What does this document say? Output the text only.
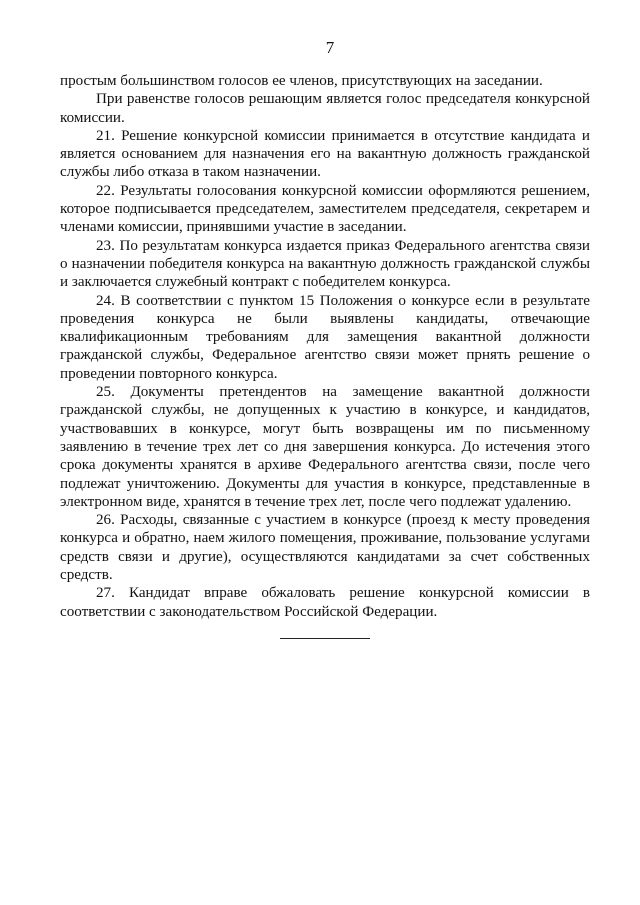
7

простым большинством голосов ее членов, присутствующих на заседании.

При равенстве голосов решающим является голос председателя конкурсной комиссии.

21. Решение конкурсной комиссии принимается в отсутствие кандидата и является основанием для назначения его на вакантную должность гражданской службы либо отказа в таком назначении.

22. Результаты голосования конкурсной комиссии оформляются решением, которое подписывается председателем, заместителем председателя, секретарем и членами комиссии, принявшими участие в заседании.

23. По результатам конкурса издается приказ Федерального агентства связи о назначении победителя конкурса на вакантную должность гражданской службы и заключается служебный контракт с победителем конкурса.

24. В соответствии с пунктом 15 Положения о конкурсе если в результате проведения конкурса не были выявлены кандидаты, отвечающие квалификационным требованиям для замещения вакантной должности гражданской службы, Федеральное агентство связи может прнять решение о проведении повторного конкурса.

25. Документы претендентов на замещение вакантной должности гражданской службы, не допущенных к участию в конкурсе, и кандидатов, участвовавших в конкурсе, могут быть возвращены им по письменному заявлению в течение трех лет со дня завершения конкурса. До истечения этого срока документы хранятся в архиве Федерального агентства связи, после чего подлежат уничтожению. Документы для участия в конкурсе, представленные в электронном виде, хранятся в течение трех лет, после чего подлежат удалению.

26. Расходы, связанные с участием в конкурсе (проезд к месту проведения конкурса и обратно, наем жилого помещения, проживание, пользование услугами средств связи и другие), осуществляются кандидатами за счет собственных средств.

27. Кандидат вправе обжаловать решение конкурсной комиссии в соответствии с законодательством Российской Федерации.
